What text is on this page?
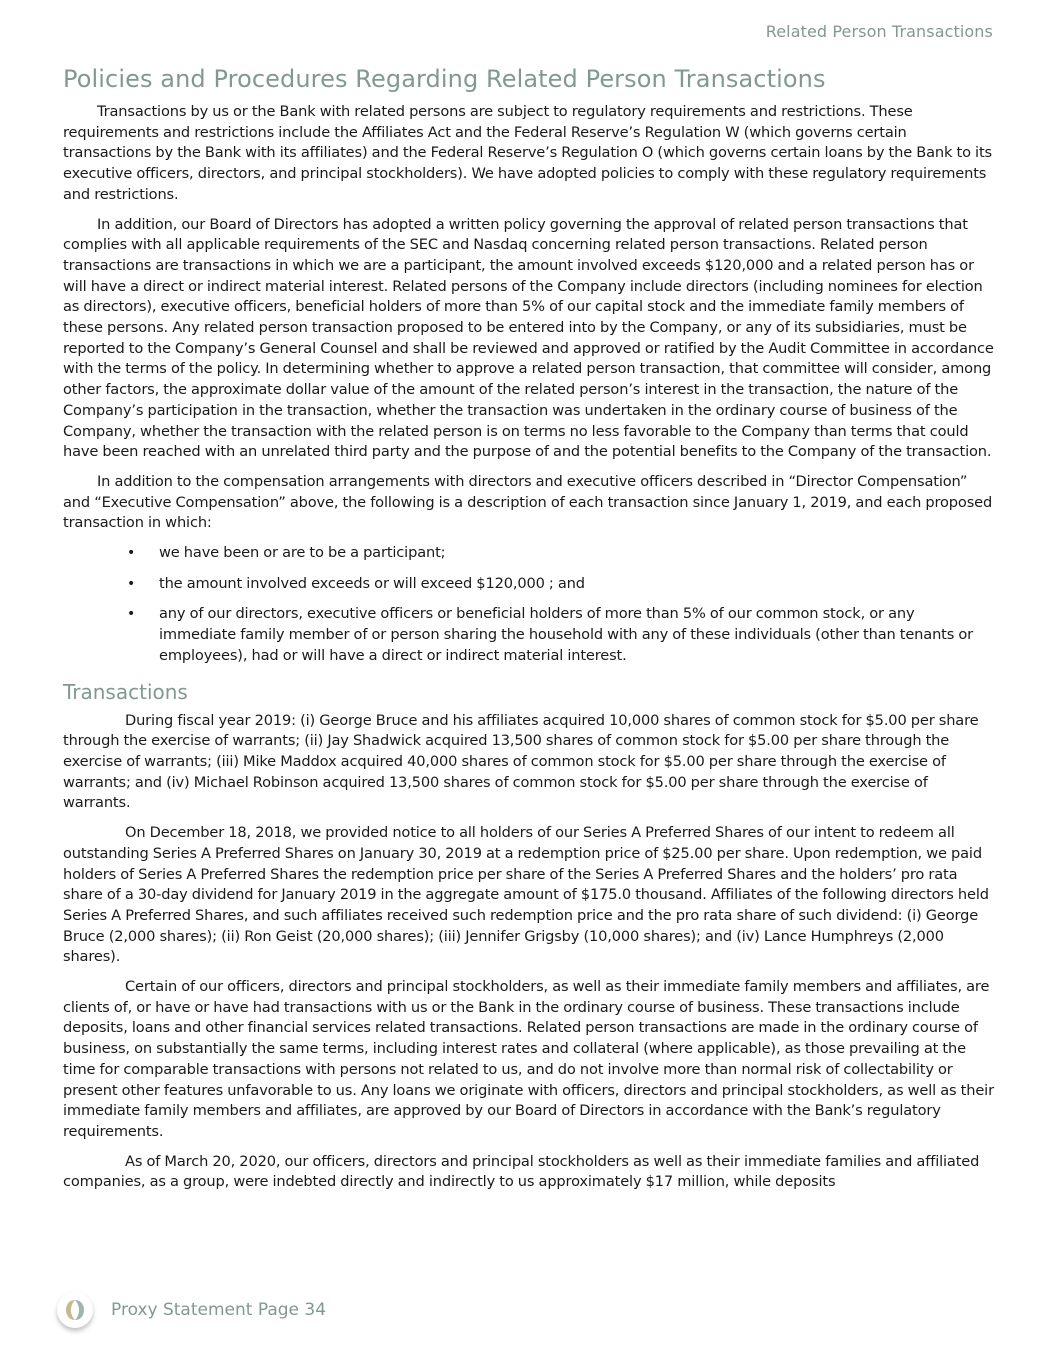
Related Person Transactions
Policies and Procedures Regarding Related Person Transactions

Transactions by us or the Bank with related persons are subject to regulatory requirements and restrictions. These requirements and restrictions include the Affiliates Act and the Federal Reserve’s Regulation W (which governs certain transactions by the Bank with its affiliates) and the Federal Reserve’s Regulation O (which governs certain loans by the Bank to its executive officers, directors, and principal stockholders). We have adopted policies to comply with these regulatory requirements and restrictions.

In addition, our Board of Directors has adopted a written policy governing the approval of related person transactions that complies with all applicable requirements of the SEC and Nasdaq concerning related person transactions. Related person transactions are transactions in which we are a participant, the amount involved exceeds $120,000 and a related person has or will have a direct or indirect material interest. Related persons of the Company include directors (including nominees for election as directors), executive officers, beneficial holders of more than 5% of our capital stock and the immediate family members of these persons. Any related person transaction proposed to be entered into by the Company, or any of its subsidiaries, must be reported to the Company’s General Counsel and shall be reviewed and approved or ratified by the Audit Committee in accordance with the terms of the policy. In determining whether to approve a related person transaction, that committee will consider, among other factors, the approximate dollar value of the amount of the related person’s interest in the transaction, the nature of the Company’s participation in the transaction, whether the transaction was undertaken in the ordinary course of business of the Company, whether the transaction with the related person is on terms no less favorable to the Company than terms that could have been reached with an unrelated third party and the purpose of and the potential benefits to the Company of the transaction.

In addition to the compensation arrangements with directors and executive officers described in “Director Compensation” and “Executive Compensation” above, the following is a description of each transaction since January 1, 2019, and each proposed transaction in which:

• we have been or are to be a participant;
• the amount involved exceeds or will exceed $120,000 ; and
• any of our directors, executive officers or beneficial holders of more than 5% of our common stock, or any immediate family member of or person sharing the household with any of these individuals (other than tenants or employees), had or will have a direct or indirect material interest.
Transactions

During fiscal year 2019: (i) George Bruce and his affiliates acquired 10,000 shares of common stock for $5.00 per share through the exercise of warrants; (ii) Jay Shadwick acquired 13,500 shares of common stock for $5.00 per share through the exercise of warrants; (iii) Mike Maddox acquired 40,000 shares of common stock for $5.00 per share through the exercise of warrants; and (iv) Michael Robinson acquired 13,500 shares of common stock for $5.00 per share through the exercise of warrants.

On December 18, 2018, we provided notice to all holders of our Series A Preferred Shares of our intent to redeem all outstanding Series A Preferred Shares on January 30, 2019 at a redemption price of $25.00 per share. Upon redemption, we paid holders of Series A Preferred Shares the redemption price per share of the Series A Preferred Shares and the holders’ pro rata share of a 30-day dividend for January 2019 in the aggregate amount of $175.0 thousand. Affiliates of the following directors held Series A Preferred Shares, and such affiliates received such redemption price and the pro rata share of such dividend: (i) George Bruce (2,000 shares); (ii) Ron Geist (20,000 shares); (iii) Jennifer Grigsby (10,000 shares); and (iv) Lance Humphreys (2,000 shares).

Certain of our officers, directors and principal stockholders, as well as their immediate family members and affiliates, are clients of, or have or have had transactions with us or the Bank in the ordinary course of business. These transactions include deposits, loans and other financial services related transactions. Related person transactions are made in the ordinary course of business, on substantially the same terms, including interest rates and collateral (where applicable), as those prevailing at the time for comparable transactions with persons not related to us, and do not involve more than normal risk of collectability or present other features unfavorable to us. Any loans we originate with officers, directors and principal stockholders, as well as their immediate family members and affiliates, are approved by our Board of Directors in accordance with the Bank’s regulatory requirements.

As of March 20, 2020, our officers, directors and principal stockholders as well as their immediate families and affiliated companies, as a group, were indebted directly and indirectly to us approximately $17 million, while deposits

Proxy Statement Page 34
